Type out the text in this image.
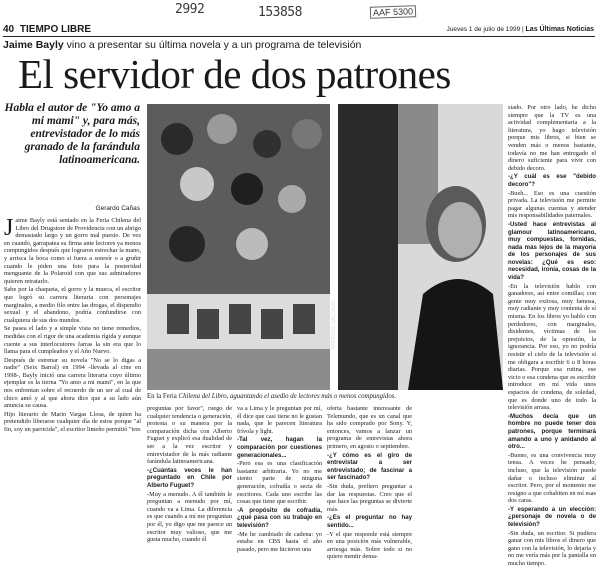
2992	153858	AAF 5300
40 TIEMPO LIBRE	Jueves 1 de julio de 1999 | Las Últimas Noticias
Jaime Bayly vino a presentar su última novela y a un programa de televisión
El servidor de dos patrones
Habla el autor de "Yo amo a mi mami" y, para más, entrevistador de lo más granado de la farándula latinoamericana.
Gerardo Cañas
RODRIGO SALGADO
En la Feria Chilena del Libro, aguantando el asedio de lectores más o menos compungidos.
J aime Bayly está sentado en la Feria Chilena del Libro del Drugstore de Providencia con un abrigo demasiado largo y un gorro mal puesto. De vez en cuando, garrapatea su firma ante lectores ya menos compungidos después que lograron estrechar la mano, y arrisca la boca como si fuera a sonreír o a gruñir cuando le piden una foto para la posteridad menguante de la Polaroid con que sus admiradores quieren retratarlo.

Sabe por la chaqueta, el gorro y la mueca, el escritor que logró su carrera literaria con personajes marginales, a medio filo entre las drogas, el dispendio sexual y el abandono, podría confundirse con cualquiera de sus dos mundos.

Se pasea el lado y a simple vista no tiene remedios, medidas con el rigor de una academia rígida y aunque cuente a sus interlocutores farras la sin era que lo llama para el cumpleaños y el Año Nuevo.

Después de estrenar su novela "No se lo digas a nadie" (Seix Barral) en 1994 -llevada al cine en 1998-, Bayly inició una carrera literaria cuyo último ejemplar es la tierna "Yo amo a mi mami", en la que nos enfrentan sobre el recuerdo de un ser al cual de chico amó y al que ahora dice que a su lado aún anuncia su causa.

Hijo literario de Mario Vargas Llosa, de quien ha pretendido liberarse cualquier día de estos porque "al fin, soy un parricida", el escritor limeño permitió "tres

preguntas por favor", ruego de cualquier tendencia o generación, protesta o su manera por la comparación dicha con Alberto Fuguet y explicó esa dualidad de ser a la vez escritor y entrevistador de la más radiante farándula latinoamericana.

-¿Cuántas veces le han preguntado en Chile por Alberto Fuguet?

-Muy a menudo. A él también le preguntan a menudo por mí, cuando va a Lima. La diferencia es que cuando a mí me preguntan por él, yo digo que me parece un escritor muy valioso, que me gusta mucho, cuando él

va a Lima y le preguntan por mí, él dice que casi tiene no le gustan nada, que le parecen literatura frívola y light.

-Tal vez, hagan la comparación por cuestiones generacionales...

-Pero esa es una clasificación bastante arbitraria. Yo no me siento parte de ninguna generación, cofradía o secta de escritores. Cada uno escribe las cosas que tiene que escribir.

-A propósito de cofradía, ¿qué pasa con su trabajo en televisión?

-Me he cambiado de cadena: yo estaba en CBS hasta el año pasado, pero me hicieron una

oferta bastante interesante de Telemundo, que es un canal que ha sido comprado por Sony. Y, entonces, vamos a lanzar un programa de entrevistas ahora primero, en agosto o septiembre.

-¿Y cómo es el giro de entrevistar a ser entrevistado; de fascinar a ser fascinado?

-Sin duda, prefiero preguntar a dar las respuestas. Creo que el que hace las preguntas se divierte más.

-¿Es el preguntar no hay sentido...

-Y el que responde está siempre en una posición más vulnerable, arriesga más. Sobre todo si no quiere mentir dema-

siado. Por otro lado, he dicho siempre que la TV es una actividad complementaria a la literatura, yo hago televisión porque mis libros, si bien se venden más o menos bastante, todavía no me han entregado el dinero suficiente para vivir con debido decoro.

-¿Y cuál es ese "debido decoro"?

-Bueh... Eso es una cuestión privada. La televisión me permite pagar algunas cuentas y atender mis responsabilidades paternales.

-Usted hace entrevistas al glamour latinoamericano, muy compuestas, fornidas, nada más lejos de la mayoría de los personajes de sus novelas: ¿Qué es eso: necesidad, ironía, cosas de la vida?

-En la televisión hablo con ganadores, así entre comillas; con gente muy exitosa, muy famosa, muy radiante y muy contenta de sí misma. En los libros yo hablo con perdedores, con marginales, disidentes, víctimas de los prejuicios, de la opresión, la ignorancia. Por eso, yo no podría resistir el cielo de la televisión si me obligara a escribir 6 u 8 horas diarias. Porque esa rutina, ese vicio o esa condena que es escribir introduce en mí vida unos espacios de condena, de soledad, que es donde uno de todo la televisión arrasa.

-Muchos decía que un hombre no puede tener dos patrones, porque terminará amando a uno y anidando al otro...

-Bueno, es una convivencia muy tensa. A veces he pensado, incluso, que la televisión puede dañar o incluso eliminar al escritor. Pero, por el momento me resigno a que cohabiten en mí esas dos caras.

-Y esperando a un elección: ¿personaje de novela o de televisión?

-Sin duda, un escritor. Si pudiera ganar con mis libros el dinero que gano con la televisión, lo dejaría y no me vería más por la pantalla en mucho tiempo.
